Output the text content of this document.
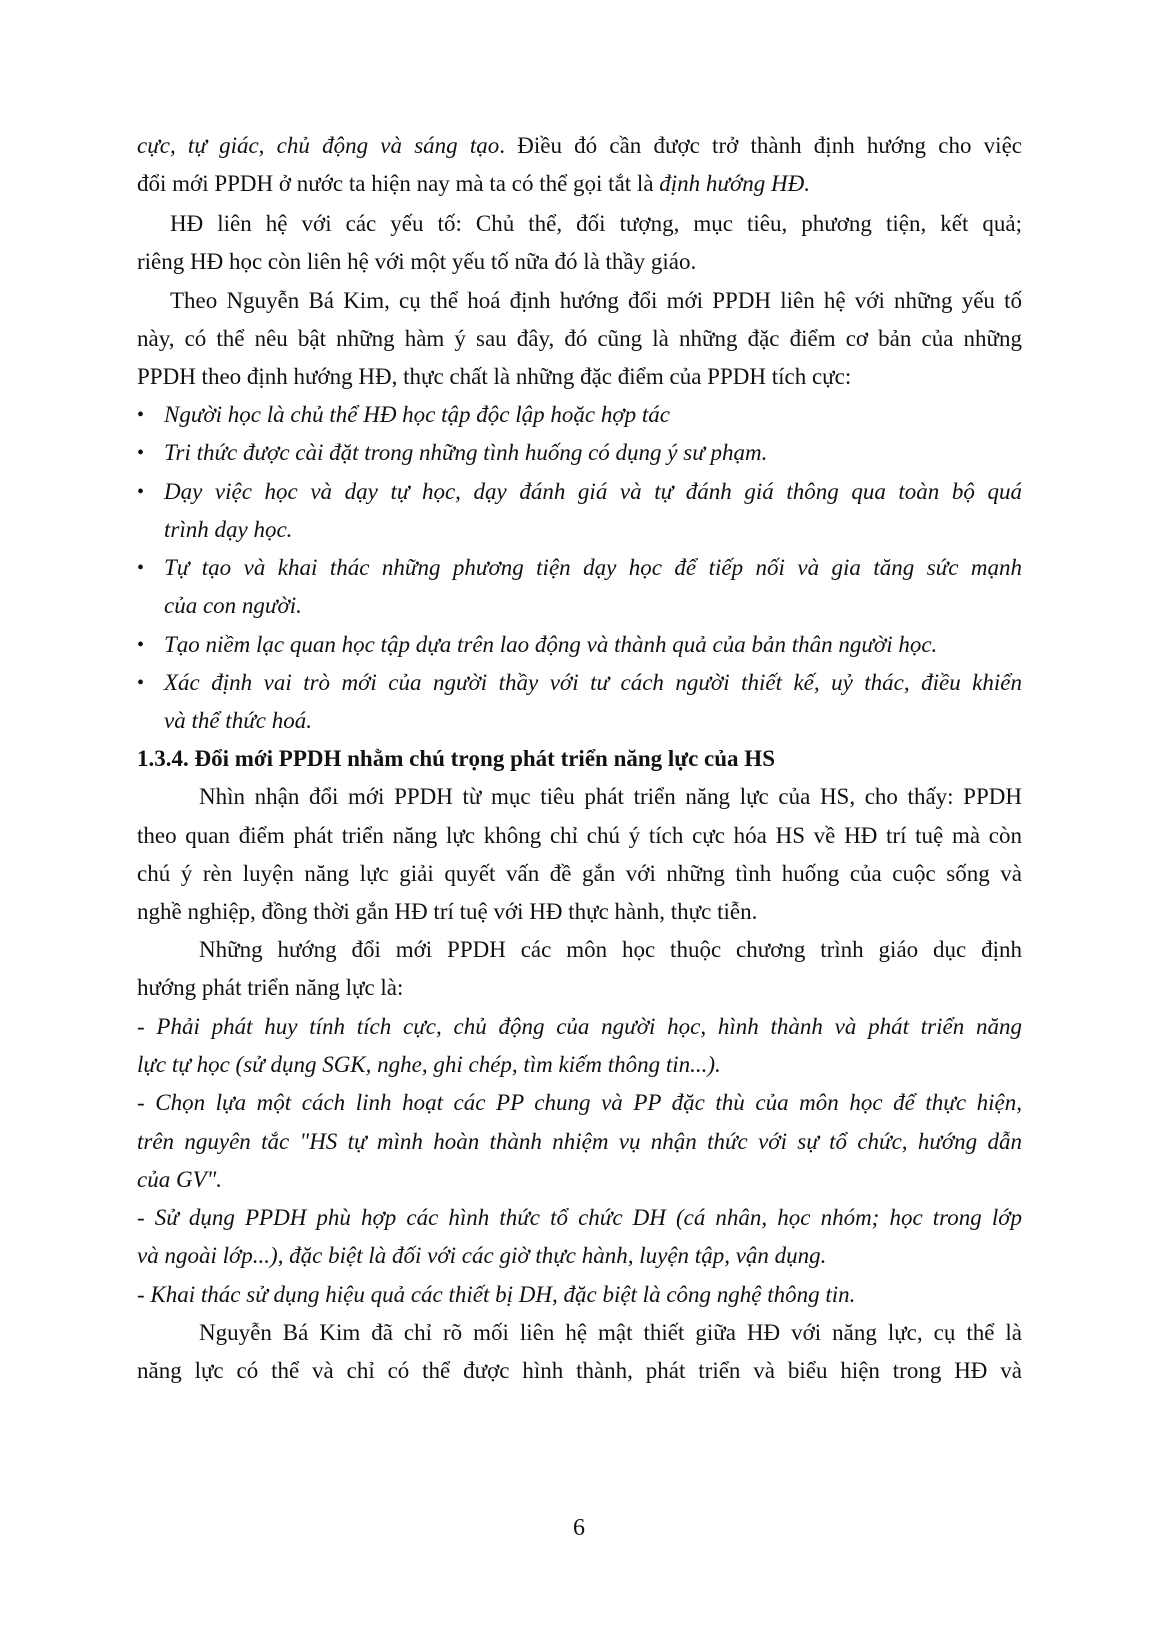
cực, tự giác, chủ động và sáng tạo. Điều đó cần được trở thành định hướng cho việc
đổi mới PPDH ở nước ta hiện nay mà ta có thể gọi tắt là định hướng HĐ.
HĐ liên hệ với các yếu tố: Chủ thể, đối tượng, mục tiêu, phương tiện, kết quả;
riêng HĐ học còn liên hệ với một yếu tố nữa đó là thầy giáo.
Theo Nguyễn Bá Kim, cụ thể hoá định hướng đổi mới PPDH liên hệ với những yếu tố
này, có thể nêu bật những hàm ý sau đây, đó cũng là những đặc điểm cơ bản của những
PPDH theo định hướng HĐ, thực chất là những đặc điểm của PPDH tích cực:
• Người học là chủ thể HĐ học tập độc lập hoặc hợp tác
• Tri thức được cài đặt trong những tình huống có dụng ý sư phạm.
• Dạy việc học và dạy tự học, dạy đánh giá và tự đánh giá thông qua toàn bộ quá
trình dạy học.
• Tự tạo và khai thác những phương tiện dạy học để tiếp nối và gia tăng sức mạnh
của con người.
• Tạo niềm lạc quan học tập dựa trên lao động và thành quả của bản thân người học.
• Xác định vai trò mới của người thầy với tư cách người thiết kế, uỷ thác, điều khiển
và thể thức hoá.
1.3.4. Đổi mới PPDH nhằm chú trọng phát triển năng lực của HS
Nhìn nhận đổi mới PPDH từ mục tiêu phát triển năng lực của HS, cho thấy: PPDH
theo quan điểm phát triển năng lực không chỉ chú ý tích cực hóa HS về HĐ trí tuệ mà còn
chú ý rèn luyện năng lực giải quyết vấn đề gắn với những tình huống của cuộc sống và
nghề nghiệp, đồng thời gắn HĐ trí tuệ với HĐ thực hành, thực tiễn.
Những hướng đổi mới PPDH các môn học thuộc chương trình giáo dục định
hướng phát triển năng lực là:
- Phải phát huy tính tích cực, chủ động của người học, hình thành và phát triển năng
lực tự học (sử dụng SGK, nghe, ghi chép, tìm kiếm thông tin...).
- Chọn lựa một cách linh hoạt các PP chung và PP đặc thù của môn học để thực hiện,
trên nguyên tắc "HS tự mình hoàn thành nhiệm vụ nhận thức với sự tổ chức, hướng dẫn
của GV".
- Sử dụng PPDH phù hợp các hình thức tổ chức DH (cá nhân, học nhóm; học trong lớp
và ngoài lớp...), đặc biệt là đối với các giờ thực hành, luyện tập, vận dụng.
- Khai thác sử dụng hiệu quả các thiết bị DH, đặc biệt là công nghệ thông tin.
Nguyễn Bá Kim đã chỉ rõ mối liên hệ mật thiết giữa HĐ với năng lực, cụ thể là
năng lực có thể và chỉ có thể được hình thành, phát triển và biểu hiện trong HĐ và
6
